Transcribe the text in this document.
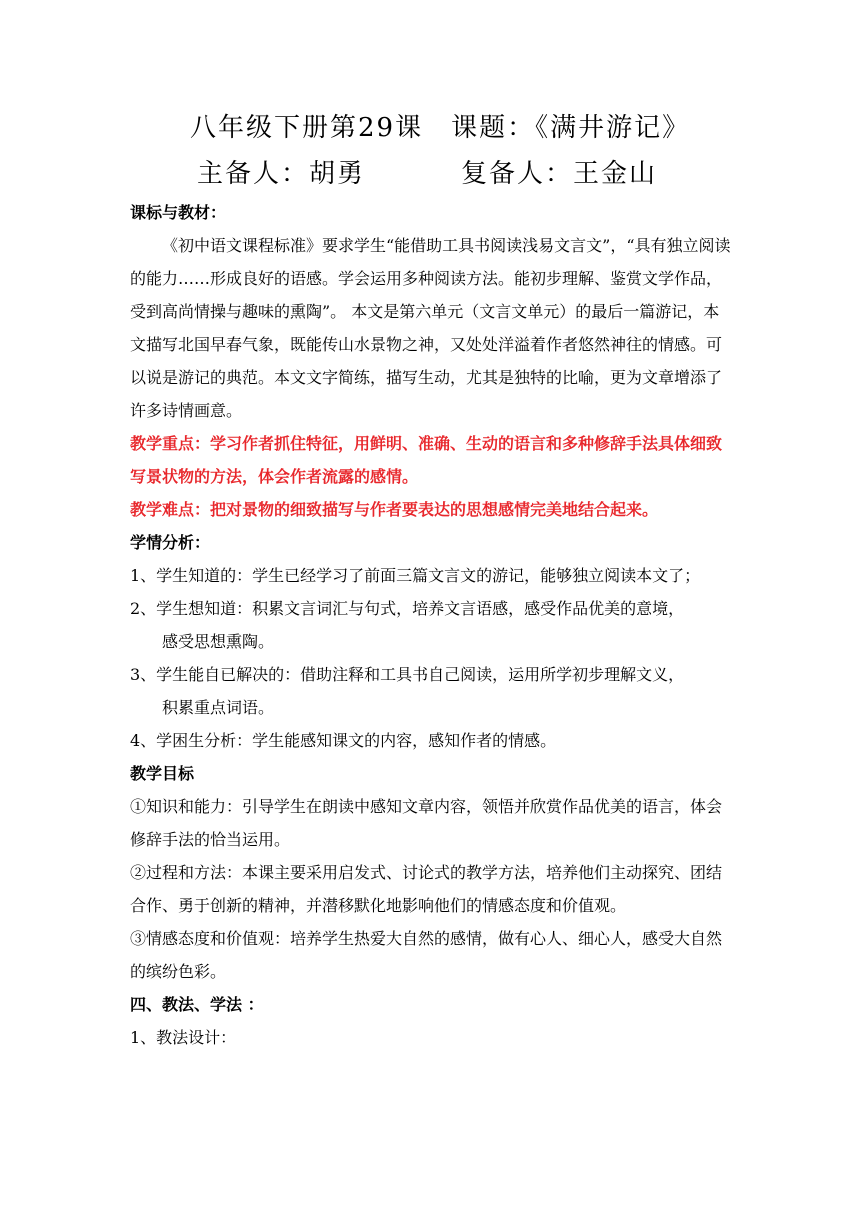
八年级下册第29课　课题：《满井游记》
主备人：胡勇	复备人：王金山

课标与教材：

《初中语文课程标准》要求学生“能借助工具书阅读浅易文言文”，“具有独立阅读的能力……形成良好的语感。学会运用多种阅读方法。能初步理解、鉴赏文学作品，受到高尚情操与趣味的熏陶”。 本文是第六单元（文言文单元）的最后一篇游记，本文描写北国早春气象，既能传山水景物之神，又处处洋溢着作者悠然神往的情感。可以说是游记的典范。本文文字简练，描写生动，尤其是独特的比喻，更为文章增添了许多诗情画意。

教学重点：学习作者抓住特征，用鲜明、准确、生动的语言和多种修辞手法具体细致写景状物的方法，体会作者流露的感情。

教学难点：把对景物的细致描写与作者要表达的思想感情完美地结合起来。

学情分析：

1、学生知道的：学生已经学习了前面三篇文言文的游记，能够独立阅读本文了；

2、学生想知道：积累文言词汇与句式，培养文言语感，感受作品优美的意境，

感受思想熏陶。

3、学生能自已解决的：借助注释和工具书自己阅读，运用所学初步理解文义，

积累重点词语。

4、学困生分析：学生能感知课文的内容，感知作者的情感。

教学目标

①知识和能力：引导学生在朗读中感知文章内容，领悟并欣赏作品优美的语言，体会修辞手法的恰当运用。

②过程和方法：本课主要采用启发式、讨论式的教学方法，培养他们主动探究、团结合作、勇于创新的精神，并潜移默化地影响他们的情感态度和价值观。

③情感态度和价值观：培养学生热爱大自然的感情，做有心人、细心人，感受大自然的缤纷色彩。

四、教法、学法 ：

1、教法设计：
